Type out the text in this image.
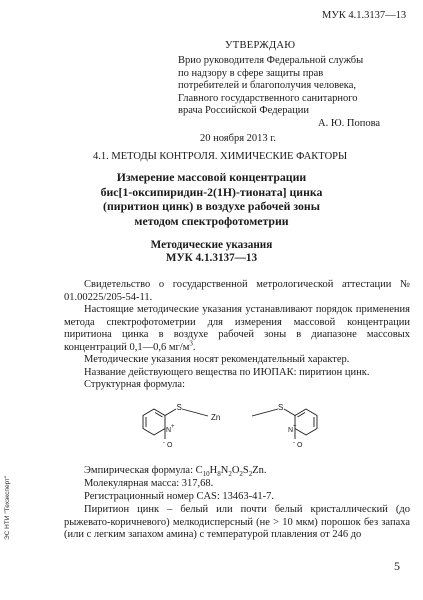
МУК 4.1.3137—13
УТВЕРЖДАЮ
Врио руководителя Федеральной службы
по надзору в сфере защиты прав
потребителей и благополучия человека,
Главного государственного санитарного
врача Российской Федерации
А. Ю. Попова
20 ноября 2013 г.
4.1. МЕТОДЫ КОНТРОЛЯ. ХИМИЧЕСКИЕ ФАКТОРЫ
Измерение массовой концентрации
бис[1-оксипиридин-2(1H)-тионата] цинка
(пиритион цинк) в воздухе рабочей зоны
методом спектрофотометрии
Методические указания
МУК 4.1.3137—13
Свидетельство о государственной метрологической аттестации № 01.00225/205-54-11.
Настоящие методические указания устанавливают порядок применения метода спектрофотометрии для измерения массовой концентрации пиритиона цинка в воздухе рабочей зоны в диапазоне массовых концентраций 0,1—0,6 $мг/м^3$.
Методические указания носят рекомендательный характер.
Название действующего вещества по ИЮПАК: пиритион цинк.
Структурная формула:
S	S
Zn
N +	N +
O
-	O
-
Эмпирическая формула: $C_{10}H_8N_2O_2S_2Zn$.
Молекулярная масса: 317,68.
Регистрационный номер CAS: 13463-41-7.
Пиритион цинк – белый или почти белый кристаллический (до рыжевато-коричневого) мелкодисперсный (не > 10 мкм) порошок без запаха (или с легким запахом амина) с температурой плавления от 246 до
5
ЭС НТИ "Техэксперт"
